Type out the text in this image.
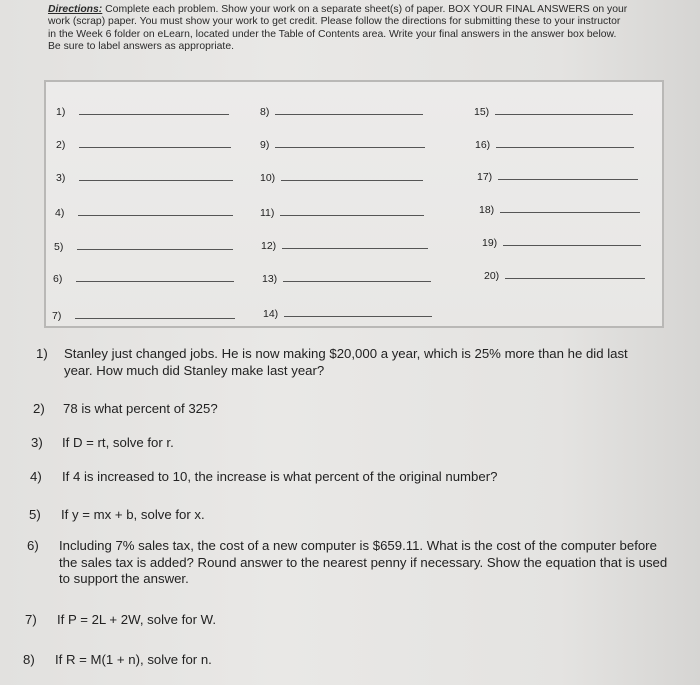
Directions: Complete each problem. Show your work on a separate sheet(s) of paper. BOX YOUR FINAL ANSWERS on your work (scrap) paper. You must show your work to get credit. Please follow the directions for submitting these to your instructor in the Week 6 folder on eLearn, located under the Table of Contents area. Write your final answers in the answer box below. Be sure to label answers as appropriate.
1)
2)
3)
4)
5)
6)
7)
8)
9)
10)
11)
12)
13)
14)
15)
16)
17)
18)
19)
20)
1) Stanley just changed jobs. He is now making $20,000 a year, which is 25% more than he did last year. How much did Stanley make last year?
2) 78 is what percent of 325?
3) If D = rt, solve for r.
4) If 4 is increased to 10, the increase is what percent of the original number?
5) If y = mx + b, solve for x.
6) Including 7% sales tax, the cost of a new computer is $659.11. What is the cost of the computer before the sales tax is added? Round answer to the nearest penny if necessary. Show the equation that is used to support the answer.
7) If P = 2L + 2W, solve for W.
8) If R = M(1 + n), solve for n.
